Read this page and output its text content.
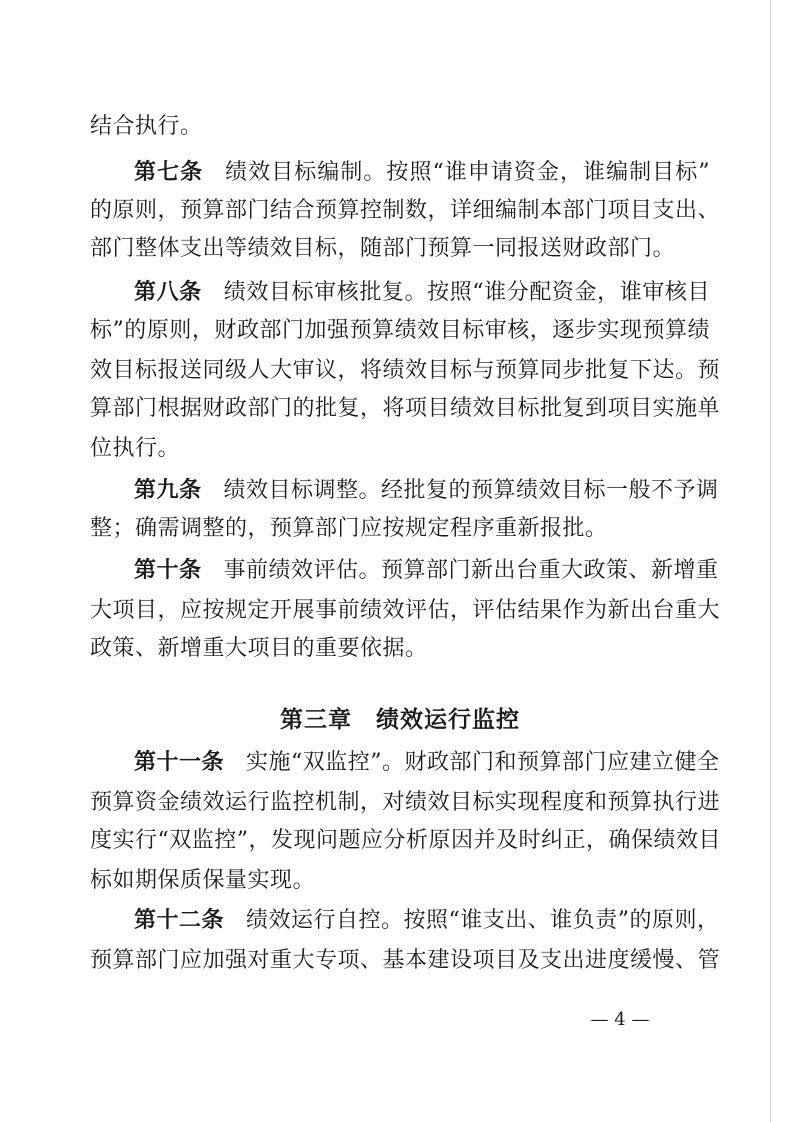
结合执行。
第七条 绩效目标编制。按照“谁申请资金，谁编制目标”
的原则，预算部门结合预算控制数，详细编制本部门项目支出、
部门整体支出等绩效目标，随部门预算一同报送财政部门。
第八条 绩效目标审核批复。按照“谁分配资金，谁审核目
标”的原则，财政部门加强预算绩效目标审核，逐步实现预算绩
效目标报送同级人大审议，将绩效目标与预算同步批复下达。预
算部门根据财政部门的批复，将项目绩效目标批复到项目实施单
位执行。
第九条 绩效目标调整。经批复的预算绩效目标一般不予调
整；确需调整的，预算部门应按规定程序重新报批。
第十条 事前绩效评估。预算部门新出台重大政策、新增重
大项目，应按规定开展事前绩效评估，评估结果作为新出台重大
政策、新增重大项目的重要依据。
第三章　绩效运行监控
第十一条 实施“双监控”。财政部门和预算部门应建立健全
预算资金绩效运行监控机制，对绩效目标实现程度和预算执行进
度实行“双监控”，发现问题应分析原因并及时纠正，确保绩效目
标如期保质保量实现。
第十二条 绩效运行自控。按照“谁支出、谁负责”的原则，
预算部门应加强对重大专项、基本建设项目及支出进度缓慢、管
— 4 —
